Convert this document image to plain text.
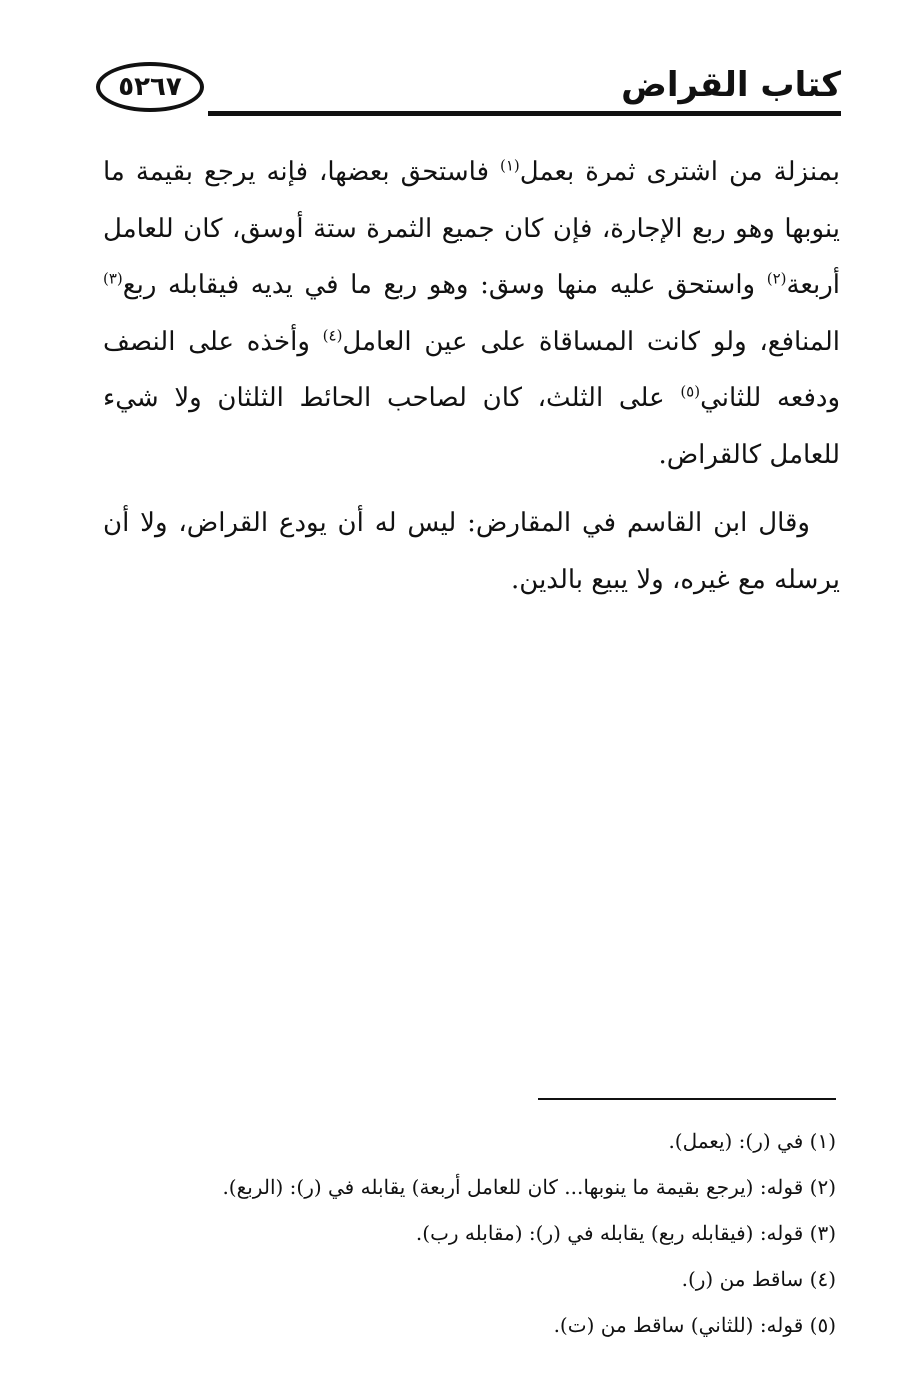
٥٢٦٧	كتاب القراض

بمنزلة من اشترى ثمرة بعمل$^{(١)}$ فاستحق بعضها، فإنه يرجع بقيمة ما ينوبها وهو ربع الإجارة، فإن كان جميع الثمرة ستة أوسق، كان للعامل أربعة$^{(٢)}$ واستحق عليه منها وسق: وهو ربع ما في يديه فيقابله ربع$^{(٣)}$ المنافع، ولو كانت المساقاة على عين العامل$^{(٤)}$ وأخذه على النصف ودفعه للثاني$^{(٥)}$ على الثلث، كان لصاحب الحائط الثلثان ولا شيء للعامل كالقراض.

وقال ابن القاسم في المقارض: ليس له أن يودع القراض، ولا أن يرسله مع غيره، ولا يبيع بالدين.

(١) في (ر): (يعمل).
(٢) قوله: (يرجع بقيمة ما ينوبها... كان للعامل أربعة) يقابله في (ر): (الربع).
(٣) قوله: (فيقابله ربع) يقابله في (ر): (مقابله رب).
(٤) ساقط من (ر).
(٥) قوله: (للثاني) ساقط من (ت).
